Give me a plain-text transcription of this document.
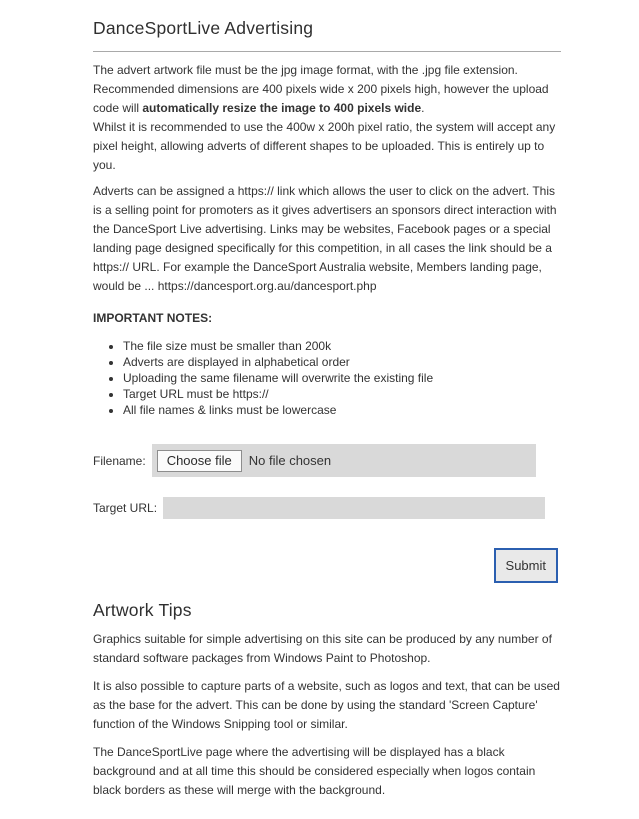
DanceSportLive Advertising

The advert artwork file must be the jpg image format, with the .jpg file extension. Recommended dimensions are 400 pixels wide x 200 pixels high, however the upload code will automatically resize the image to 400 pixels wide.
Whilst it is recommended to use the 400w x 200h pixel ratio, the system will accept any pixel height, allowing adverts of different shapes to be uploaded. This is entirely up to you.

Adverts can be assigned a https:// link which allows the user to click on the advert. This is a selling point for promoters as it gives advertisers an sponsors direct interaction with the DanceSport Live advertising. Links may be websites, Facebook pages or a special landing page designed specifically for this competition, in all cases the link should be a https:// URL. For example the DanceSport Australia website, Members landing page, would be ... https://dancesport.org.au/dancesport.php

IMPORTANT NOTES:

• The file size must be smaller than 200k
• Adverts are displayed in alphabetical order
• Uploading the same filename will overwrite the existing file
• Target URL must be https://
• All file names & links must be lowercase
Filename:	Choose file	No file chosen
Target URL:
Submit
Artwork Tips

Graphics suitable for simple advertising on this site can be produced by any number of standard software packages from Windows Paint to Photoshop.

It is also possible to capture parts of a website, such as logos and text, that can be used as the base for the advert. This can be done by using the standard 'Screen Capture' function of the Windows Snipping tool or similar.

The DanceSportLive page where the advertising will be displayed has a black background and at all time this should be considered especially when logos contain black borders as these will merge with the background.
